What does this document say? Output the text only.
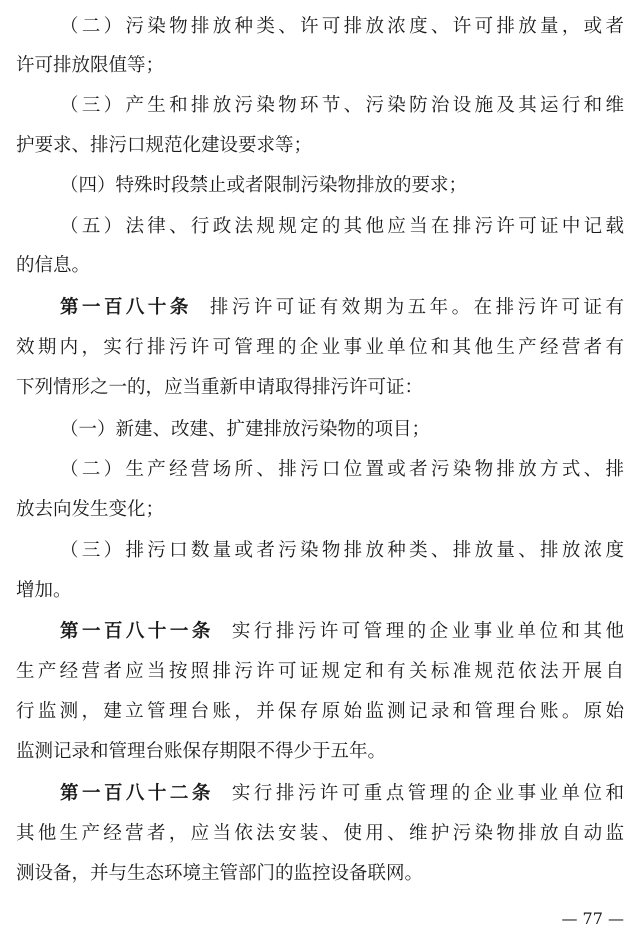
（二）污染物排放种类、许可排放浓度、许可排放量，或者
许可排放限值等；
（三）产生和排放污染物环节、污染防治设施及其运行和维
护要求、排污口规范化建设要求等；
（四）特殊时段禁止或者限制污染物排放的要求；
（五）法律、行政法规规定的其他应当在排污许可证中记载
的信息。
第一百八十条 排污许可证有效期为五年。在排污许可证有
效期内，实行排污许可管理的企业事业单位和其他生产经营者有
下列情形之一的，应当重新申请取得排污许可证：
（一）新建、改建、扩建排放污染物的项目；
（二）生产经营场所、排污口位置或者污染物排放方式、排
放去向发生变化；
（三）排污口数量或者污染物排放种类、排放量、排放浓度
增加。
第一百八十一条 实行排污许可管理的企业事业单位和其他
生产经营者应当按照排污许可证规定和有关标准规范依法开展自
行监测，建立管理台账，并保存原始监测记录和管理台账。原始
监测记录和管理台账保存期限不得少于五年。
第一百八十二条 实行排污许可重点管理的企业事业单位和
其他生产经营者，应当依法安装、使用、维护污染物排放自动监
测设备，并与生态环境主管部门的监控设备联网。
— 77 —
